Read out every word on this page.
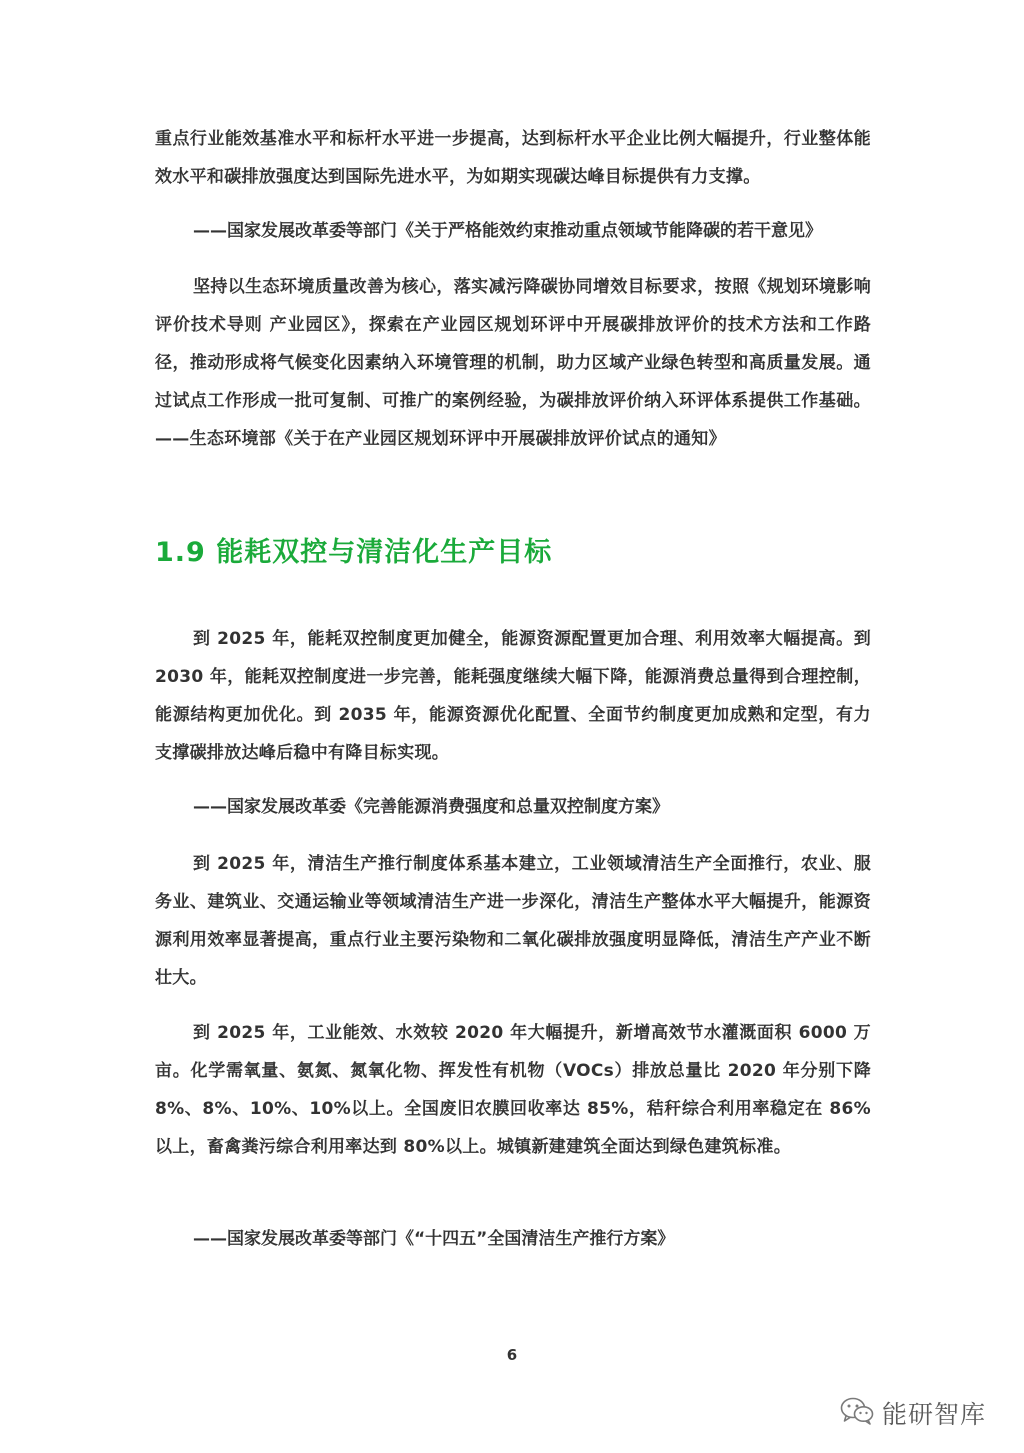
重点行业能效基准水平和标杆水平进一步提高，达到标杆水平企业比例大幅提升，行业整体能效水平和碳排放强度达到国际先进水平，为如期实现碳达峰目标提供有力支撑。

——国家发展改革委等部门《关于严格能效约束推动重点领域节能降碳的若干意见》

坚持以生态环境质量改善为核心，落实减污降碳协同增效目标要求，按照《规划环境影响评价技术导则 产业园区》，探索在产业园区规划环评中开展碳排放评价的技术方法和工作路径，推动形成将气候变化因素纳入环境管理的机制，助力区域产业绿色转型和高质量发展。通过试点工作形成一批可复制、可推广的案例经验，为碳排放评价纳入环评体系提供工作基础。——生态环境部《关于在产业园区规划环评中开展碳排放评价试点的通知》

1.9 能耗双控与清洁化生产目标

到 2025 年，能耗双控制度更加健全，能源资源配置更加合理、利用效率大幅提高。到 2030 年，能耗双控制度进一步完善，能耗强度继续大幅下降，能源消费总量得到合理控制，能源结构更加优化。到 2035 年，能源资源优化配置、全面节约制度更加成熟和定型，有力支撑碳排放达峰后稳中有降目标实现。

——国家发展改革委《完善能源消费强度和总量双控制度方案》

到 2025 年，清洁生产推行制度体系基本建立，工业领域清洁生产全面推行，农业、服务业、建筑业、交通运输业等领域清洁生产进一步深化，清洁生产整体水平大幅提升，能源资源利用效率显著提高，重点行业主要污染物和二氧化碳排放强度明显降低，清洁生产产业不断壮大。

到 2025 年，工业能效、水效较 2020 年大幅提升，新增高效节水灌溉面积 6000 万亩。化学需氧量、氨氮、氮氧化物、挥发性有机物（VOCs）排放总量比 2020 年分别下降 8%、8%、10%、10%以上。全国废旧农膜回收率达 85%，秸秆综合利用率稳定在 86%以上，畜禽粪污综合利用率达到 80%以上。城镇新建建筑全面达到绿色建筑标准。

——国家发展改革委等部门《“十四五”全国清洁生产推行方案》

6
能研智库
